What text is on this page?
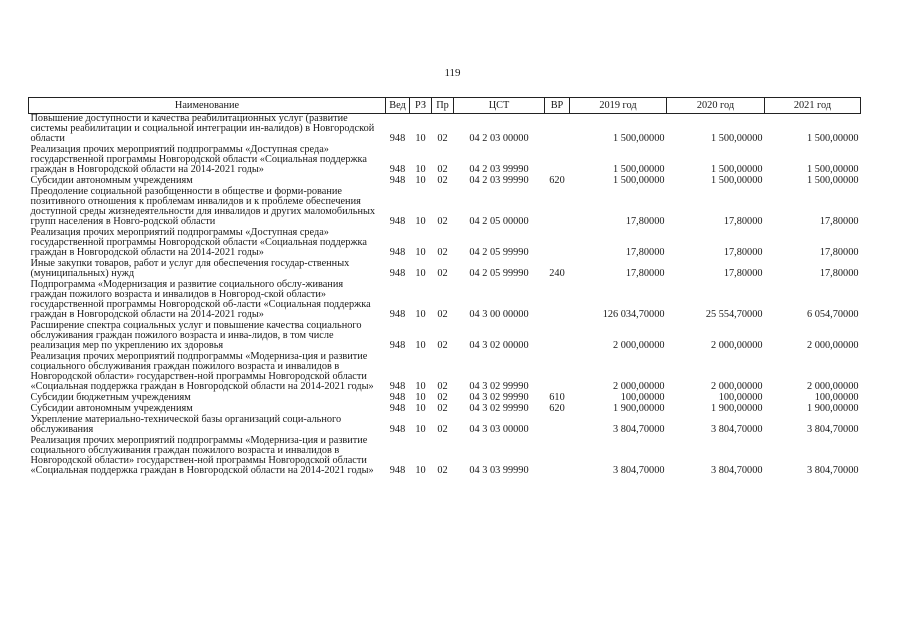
119
Наименование	Вед	РЗ	Пр	ЦСТ	ВР	2019 год	2020 год	2021 год
Повышение доступности и качества реабилитационных услуг (развитие системы реабилитации и социальной интеграции ин-валидов) в Новгородской области	948	10	02	04 2 03 00000		1 500,00000	1 500,00000	1 500,00000
Реализация прочих мероприятий подпрограммы «Доступная среда» государственной программы Новгородской области «Социальная поддержка граждан в Новгородской области на 2014-2021 годы»	948	10	02	04 2 03 99990		1 500,00000	1 500,00000	1 500,00000
Субсидии автономным учреждениям	948	10	02	04 2 03 99990	620	1 500,00000	1 500,00000	1 500,00000
Преодоление социальной разобщенности в обществе и форми-рование позитивного отношения к проблемам инвалидов и к проблеме обеспечения доступной среды жизнедеятельности для инвалидов и других маломобильных групп населения в Новго-родской области	948	10	02	04 2 05 00000		17,80000	17,80000	17,80000
Реализация прочих мероприятий подпрограммы «Доступная среда» государственной программы Новгородской области «Социальная поддержка граждан в Новгородской области на 2014-2021 годы»	948	10	02	04 2 05 99990		17,80000	17,80000	17,80000
Иные закупки товаров, работ и услуг для обеспечения государ-ственных (муниципальных) нужд	948	10	02	04 2 05 99990	240	17,80000	17,80000	17,80000
Подпрограмма «Модернизация и развитие социального обслу-живания граждан пожилого возраста и инвалидов в Новгород-ской области» государственной программы Новгородской об-ласти «Социальная поддержка граждан в Новгородской области на 2014-2021 годы»	948	10	02	04 3 00 00000		126 034,70000	25 554,70000	6 054,70000
Расширение спектра социальных услуг и повышение качества социального обслуживания граждан пожилого возраста и инва-лидов, в том числе реализация мер по укреплению их здоровья	948	10	02	04 3 02 00000		2 000,00000	2 000,00000	2 000,00000
Реализация прочих мероприятий подпрограммы «Модерниза-ция и развитие социального обслуживания граждан пожилого возраста и инвалидов в Новгородской области» государствен-ной программы Новгородской области «Социальная поддержка граждан в Новгородской области на 2014-2021 годы»	948	10	02	04 3 02 99990		2 000,00000	2 000,00000	2 000,00000
Субсидии бюджетным учреждениям	948	10	02	04 3 02 99990	610	100,00000	100,00000	100,00000
Субсидии автономным учреждениям	948	10	02	04 3 02 99990	620	1 900,00000	1 900,00000	1 900,00000
Укрепление материально-технической базы организаций соци-ального обслуживания	948	10	02	04 3 03 00000		3 804,70000	3 804,70000	3 804,70000
Реализация прочих мероприятий подпрограммы «Модерниза-ция и развитие социального обслуживания граждан пожилого возраста и инвалидов в Новгородской области» государствен-ной программы Новгородской области «Социальная поддержка граждан в Новгородской области на 2014-2021 годы»	948	10	02	04 3 03 99990		3 804,70000	3 804,70000	3 804,70000
